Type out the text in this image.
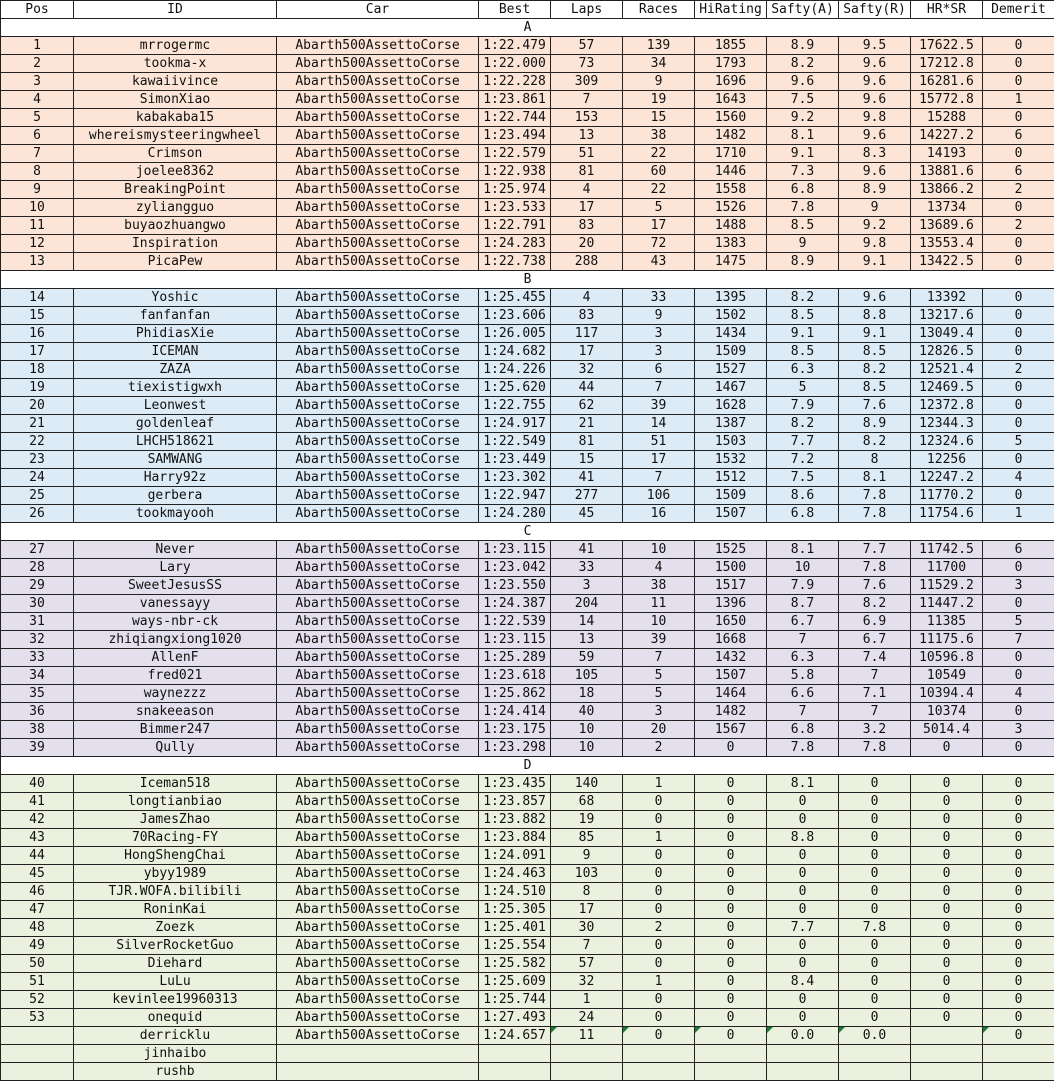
Pos	ID	Car	Best	Laps	Races	HiRating	Safty(A)	Safty(R)	HR*SR	Demerit
A										
1	mrrogermc	Abarth500AssettoCorse	1:22.479	57	139	1855	8.9	9.5	17622.5	0
2	tookma-x	Abarth500AssettoCorse	1:22.000	73	34	1793	8.2	9.6	17212.8	0
3	kawaiivince	Abarth500AssettoCorse	1:22.228	309	9	1696	9.6	9.6	16281.6	0
4	SimonXiao	Abarth500AssettoCorse	1:23.861	7	19	1643	7.5	9.6	15772.8	1
5	kabakaba15	Abarth500AssettoCorse	1:22.744	153	15	1560	9.2	9.8	15288	0
6	whereismysteeringwheel	Abarth500AssettoCorse	1:23.494	13	38	1482	8.1	9.6	14227.2	6
7	Crimson	Abarth500AssettoCorse	1:22.579	51	22	1710	9.1	8.3	14193	0
8	joelee8362	Abarth500AssettoCorse	1:22.938	81	60	1446	7.3	9.6	13881.6	6
9	BreakingPoint	Abarth500AssettoCorse	1:25.974	4	22	1558	6.8	8.9	13866.2	2
10	zyliangguo	Abarth500AssettoCorse	1:23.533	17	5	1526	7.8	9	13734	0
11	buyaozhuangwo	Abarth500AssettoCorse	1:22.791	83	17	1488	8.5	9.2	13689.6	2
12	Inspiration	Abarth500AssettoCorse	1:24.283	20	72	1383	9	9.8	13553.4	0
13	PicaPew	Abarth500AssettoCorse	1:22.738	288	43	1475	8.9	9.1	13422.5	0
B										
14	Yoshic	Abarth500AssettoCorse	1:25.455	4	33	1395	8.2	9.6	13392	0
15	fanfanfan	Abarth500AssettoCorse	1:23.606	83	9	1502	8.5	8.8	13217.6	0
16	PhidiasXie	Abarth500AssettoCorse	1:26.005	117	3	1434	9.1	9.1	13049.4	0
17	ICEMAN	Abarth500AssettoCorse	1:24.682	17	3	1509	8.5	8.5	12826.5	0
18	ZAZA	Abarth500AssettoCorse	1:24.226	32	6	1527	6.3	8.2	12521.4	2
19	tiexistigwxh	Abarth500AssettoCorse	1:25.620	44	7	1467	5	8.5	12469.5	0
20	Leonwest	Abarth500AssettoCorse	1:22.755	62	39	1628	7.9	7.6	12372.8	0
21	goldenleaf	Abarth500AssettoCorse	1:24.917	21	14	1387	8.2	8.9	12344.3	0
22	LHCH518621	Abarth500AssettoCorse	1:22.549	81	51	1503	7.7	8.2	12324.6	5
23	SAMWANG	Abarth500AssettoCorse	1:23.449	15	17	1532	7.2	8	12256	0
24	Harry92z	Abarth500AssettoCorse	1:23.302	41	7	1512	7.5	8.1	12247.2	4
25	gerbera	Abarth500AssettoCorse	1:22.947	277	106	1509	8.6	7.8	11770.2	0
26	tookmayooh	Abarth500AssettoCorse	1:24.280	45	16	1507	6.8	7.8	11754.6	1
C										
27	Never	Abarth500AssettoCorse	1:23.115	41	10	1525	8.1	7.7	11742.5	6
28	Lary	Abarth500AssettoCorse	1:23.042	33	4	1500	10	7.8	11700	0
29	SweetJesusSS	Abarth500AssettoCorse	1:23.550	3	38	1517	7.9	7.6	11529.2	3
30	vanessayy	Abarth500AssettoCorse	1:24.387	204	11	1396	8.7	8.2	11447.2	0
31	ways-nbr-ck	Abarth500AssettoCorse	1:22.539	14	10	1650	6.7	6.9	11385	5
32	zhiqiangxiong1020	Abarth500AssettoCorse	1:23.115	13	39	1668	7	6.7	11175.6	7
33	AllenF	Abarth500AssettoCorse	1:25.289	59	7	1432	6.3	7.4	10596.8	0
34	fred021	Abarth500AssettoCorse	1:23.618	105	5	1507	5.8	7	10549	0
35	waynezzz	Abarth500AssettoCorse	1:25.862	18	5	1464	6.6	7.1	10394.4	4
36	snakeeason	Abarth500AssettoCorse	1:24.414	40	3	1482	7	7	10374	0
38	Bimmer247	Abarth500AssettoCorse	1:23.175	10	20	1567	6.8	3.2	5014.4	3
39	Qully	Abarth500AssettoCorse	1:23.298	10	2	0	7.8	7.8	0	0
D										
40	Iceman518	Abarth500AssettoCorse	1:23.435	140	1	0	8.1	0	0	0
41	longtianbiao	Abarth500AssettoCorse	1:23.857	68	0	0	0	0	0	0
42	JamesZhao	Abarth500AssettoCorse	1:23.882	19	0	0	0	0	0	0
43	70Racing-FY	Abarth500AssettoCorse	1:23.884	85	1	0	8.8	0	0	0
44	HongShengChai	Abarth500AssettoCorse	1:24.091	9	0	0	0	0	0	0
45	ybyy1989	Abarth500AssettoCorse	1:24.463	103	0	0	0	0	0	0
46	TJR.WOFA.bilibili	Abarth500AssettoCorse	1:24.510	8	0	0	0	0	0	0
47	RoninKai	Abarth500AssettoCorse	1:25.305	17	0	0	0	0	0	0
48	Zoezk	Abarth500AssettoCorse	1:25.401	30	2	0	7.7	7.8	0	0
49	SilverRocketGuo	Abarth500AssettoCorse	1:25.554	7	0	0	0	0	0	0
50	Diehard	Abarth500AssettoCorse	1:25.582	57	0	0	0	0	0	0
51	LuLu	Abarth500AssettoCorse	1:25.609	32	1	0	8.4	0	0	0
52	kevinlee19960313	Abarth500AssettoCorse	1:25.744	1	0	0	0	0	0	0
53	onequid	Abarth500AssettoCorse	1:27.493	24	0	0	0	0	0	0
	derricklu	Abarth500AssettoCorse	1:24.657	11	0	0	0.0	0.0		0
	jinhaibo									
	rushb									
